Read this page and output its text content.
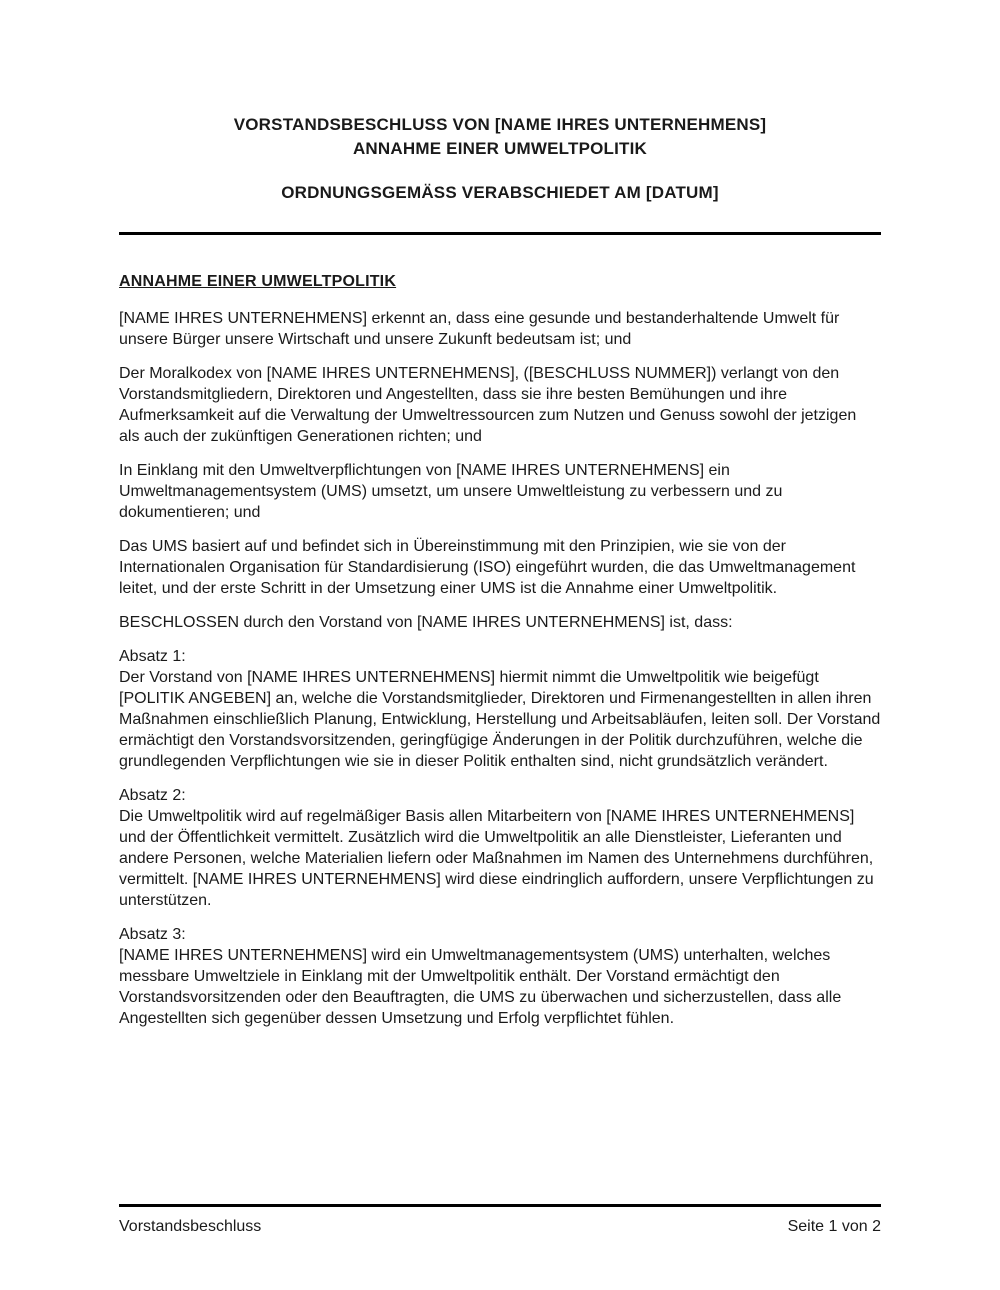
VORSTANDSBESCHLUSS VON [NAME IHRES UNTERNEHMENS]
ANNAHME EINER UMWELTPOLITIK
ORDNUNGSGEMÄSS VERABSCHIEDET AM [DATUM]
ANNAHME EINER UMWELTPOLITIK

[NAME IHRES UNTERNEHMENS] erkennt an, dass eine gesunde und bestanderhaltende Umwelt für unsere Bürger unsere Wirtschaft und unsere Zukunft bedeutsam ist; und

Der Moralkodex von [NAME IHRES UNTERNEHMENS], ([BESCHLUSS NUMMER]) verlangt von den Vorstandsmitgliedern, Direktoren und Angestellten, dass sie ihre besten Bemühungen und ihre Aufmerksamkeit auf die Verwaltung der Umweltressourcen zum Nutzen und Genuss sowohl der jetzigen als auch der zukünftigen Generationen richten; und

In Einklang mit den Umweltverpflichtungen von [NAME IHRES UNTERNEHMENS] ein Umweltmanagementsystem (UMS) umsetzt, um unsere Umweltleistung zu verbessern und zu dokumentieren; und

Das UMS basiert auf und befindet sich in Übereinstimmung mit den Prinzipien, wie sie von der Internationalen Organisation für Standardisierung (ISO) eingeführt wurden, die das Umweltmanagement leitet, und der erste Schritt in der Umsetzung einer UMS ist die Annahme einer Umweltpolitik.

BESCHLOSSEN durch den Vorstand von [NAME IHRES UNTERNEHMENS] ist, dass:

Absatz 1:
Der Vorstand von [NAME IHRES UNTERNEHMENS] hiermit nimmt die Umweltpolitik wie beigefügt [POLITIK ANGEBEN] an, welche die Vorstandsmitglieder, Direktoren und Firmenangestellten in allen ihren Maßnahmen einschließlich Planung, Entwicklung, Herstellung und Arbeitsabläufen, leiten soll. Der Vorstand ermächtigt den Vorstandsvorsitzenden, geringfügige Änderungen in der Politik durchzuführen, welche die grundlegenden Verpflichtungen wie sie in dieser Politik enthalten sind, nicht grundsätzlich verändert.

Absatz 2:
Die Umweltpolitik wird auf regelmäßiger Basis allen Mitarbeitern von [NAME IHRES UNTERNEHMENS] und der Öffentlichkeit vermittelt. Zusätzlich wird die Umweltpolitik an alle Dienstleister, Lieferanten und andere Personen, welche Materialien liefern oder Maßnahmen im Namen des Unternehmens durchführen, vermittelt. [NAME IHRES UNTERNEHMENS] wird diese eindringlich auffordern, unsere Verpflichtungen zu unterstützen.

Absatz 3:
[NAME IHRES UNTERNEHMENS] wird ein Umweltmanagementsystem (UMS) unterhalten, welches messbare Umweltziele in Einklang mit der Umweltpolitik enthält. Der Vorstand ermächtigt den Vorstandsvorsitzenden oder den Beauftragten, die UMS zu überwachen und sicherzustellen, dass alle Angestellten sich gegenüber dessen Umsetzung und Erfolg verpflichtet fühlen.

Vorstandsbeschluss	Seite 1 von 2
